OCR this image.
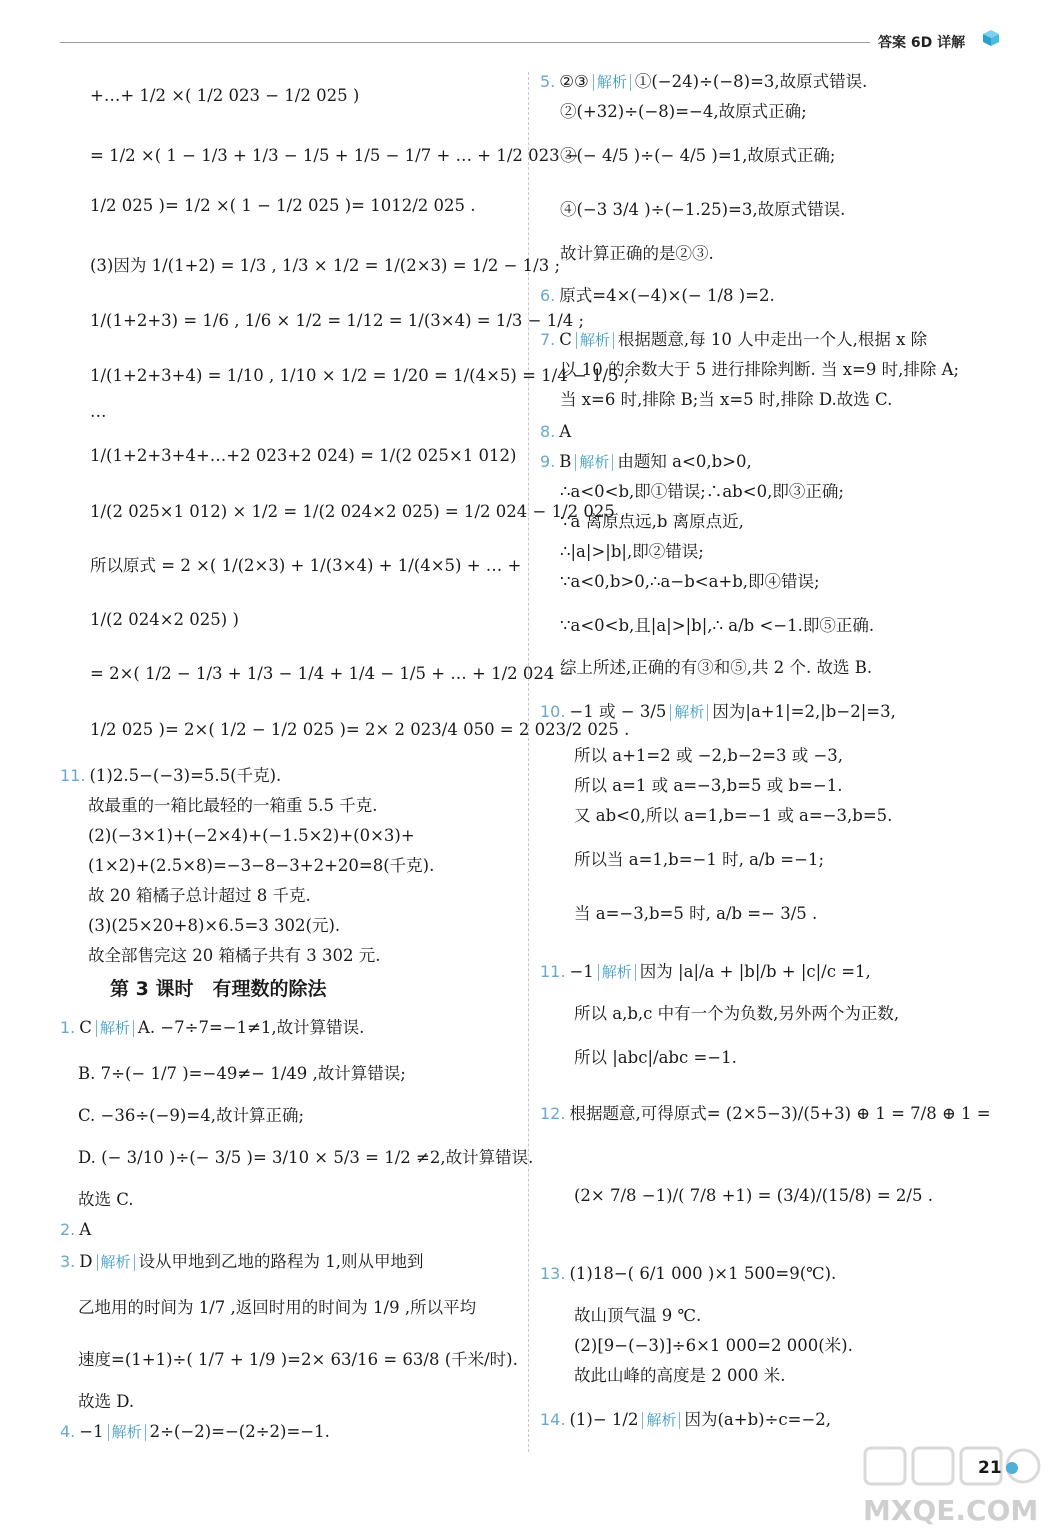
答案 6D 详解
+…+ 1/2 ×( 1/2 023 − 1/2 025 )
= 1/2 ×( 1 − 1/3 + 1/3 − 1/5 + 1/5 − 1/7 + … + 1/2 023 −
1/2 025 )= 1/2 ×( 1 − 1/2 025 )= 1012/2 025 .
(3)因为 1/(1+2) = 1/3 , 1/3 × 1/2 = 1/(2×3) = 1/2 − 1/3 ;
1/(1+2+3) = 1/6 , 1/6 × 1/2 = 1/12 = 1/(3×4) = 1/3 − 1/4 ;
1/(1+2+3+4) = 1/10 , 1/10 × 1/2 = 1/20 = 1/(4×5) = 1/4 − 1/5 ;
…
1/(1+2+3+4+…+2 023+2 024) = 1/(2 025×1 012)
1/(2 025×1 012) × 1/2 = 1/(2 024×2 025) = 1/2 024 − 1/2 025 ,
所以原式 = 2 ×( 1/(2×3) + 1/(3×4) + 1/(4×5) + … +
1/(2 024×2 025) )
= 2×( 1/2 − 1/3 + 1/3 − 1/4 + 1/4 − 1/5 + … + 1/2 024 −
1/2 025 )= 2×( 1/2 − 1/2 025 )= 2× 2 023/4 050 = 2 023/2 025 .
11. (1)2.5−(−3)=5.5(千克).
故最重的一箱比最轻的一箱重 5.5 千克.
(2)(−3×1)+(−2×4)+(−1.5×2)+(0×3)+
(1×2)+(2.5×8)=−3−8−3+2+20=8(千克).
故 20 箱橘子总计超过 8 千克.
(3)(25×20+8)×6.5=3 302(元).
故全部售完这 20 箱橘子共有 3 302 元.
1. C 解析 A. −7÷7=−1≠1,故计算错误.
B. 7÷(− 1/7 )=−49≠− 1/49 ,故计算错误;
C. −36÷(−9)=4,故计算正确;
D. (− 3/10 )÷(− 3/5 )= 3/10 × 5/3 = 1/2 ≠2,故计算错误.
故选 C.
2. A
3. D 解析 设从甲地到乙地的路程为 1,则从甲地到
乙地用的时间为 1/7 ,返回时用的时间为 1/9 ,所以平均
速度=(1+1)÷( 1/7 + 1/9 )=2× 63/16 = 63/8 (千米/时).
故选 D.
4. −1 解析 2÷(−2)=−(2÷2)=−1.
第 3 课时　有理数的除法
5. ②③ 解析 ①(−24)÷(−8)=3,故原式错误.
②(+32)÷(−8)=−4,故原式正确;
③(− 4/5 )÷(− 4/5 )=1,故原式正确;
④(−3 3/4 )÷(−1.25)=3,故原式错误.
故计算正确的是②③.
6. 原式=4×(−4)×(− 1/8 )=2.
7. C 解析 根据题意,每 10 人中走出一个人,根据 x 除
以 10 的余数大于 5 进行排除判断. 当 x=9 时,排除 A;
当 x=6 时,排除 B;当 x=5 时,排除 D.故选 C.
8. A
9. B 解析 由题知 a<0,b>0,
∴a<0<b,即①错误;∴ab<0,即③正确;
∵a 离原点远,b 离原点近,
∴|a|>|b|,即②错误;
∵a<0,b>0,∴a−b<a+b,即④错误;
∵a<0<b,且|a|>|b|,∴ a/b <−1.即⑤正确.
综上所述,正确的有③和⑤,共 2 个. 故选 B.
10. −1 或 − 3/5 解析 因为|a+1|=2,|b−2|=3,
所以 a+1=2 或 −2,b−2=3 或 −3,
所以 a=1 或 a=−3,b=5 或 b=−1.
又 ab<0,所以 a=1,b=−1 或 a=−3,b=5.
所以当 a=1,b=−1 时, a/b =−1;
当 a=−3,b=5 时, a/b =− 3/5 .
11. −1 解析 因为 |a|/a + |b|/b + |c|/c =1,
所以 a,b,c 中有一个为负数,另外两个为正数,
所以 |abc|/abc =−1.
12. 根据题意,可得原式= (2×5−3)/(5+3) ⊕ 1 = 7/8 ⊕ 1 =
(2× 7/8 −1)/( 7/8 +1) = (3/4)/(15/8) = 2/5 .
13. (1)18−( 6/1 000 )×1 500=9(℃).
故山顶气温 9 ℃.
(2)[9−(−3)]÷6×1 000=2 000(米).
故此山峰的高度是 2 000 米.
14. (1)− 1/2 解析 因为(a+b)÷c=−2,
MXQE.COM
21
